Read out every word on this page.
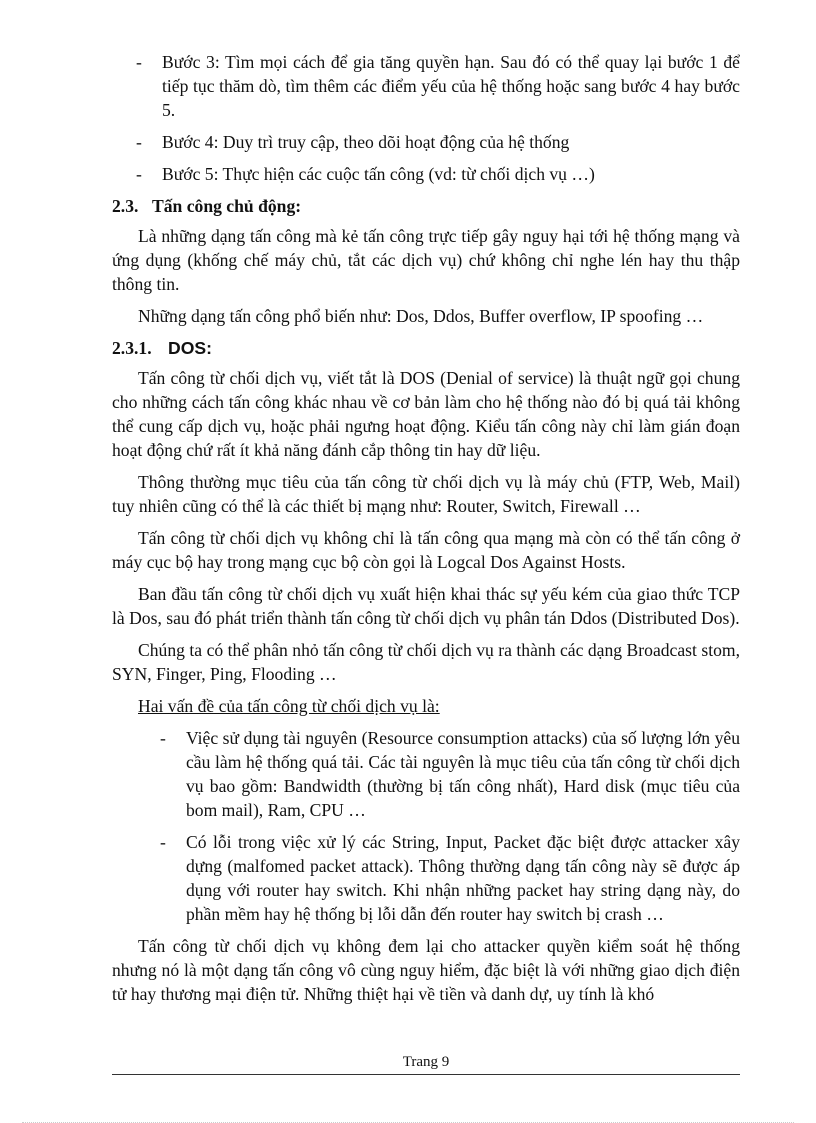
- Bước 3: Tìm mọi cách để gia tăng quyền hạn. Sau đó có thể quay lại bước 1 để tiếp tục thăm dò, tìm thêm các điểm yếu của hệ thống hoặc sang bước 4 hay bước 5.

- Bước 4: Duy trì truy cập, theo dõi hoạt động của hệ thống

- Bước 5: Thực hiện các cuộc tấn công (vd: từ chối dịch vụ …)

2.3. Tấn công chủ động:

Là những dạng tấn công mà kẻ tấn công trực tiếp gây nguy hại tới hệ thống mạng và ứng dụng (khống chế máy chủ, tắt các dịch vụ) chứ không chỉ nghe lén hay thu thập thông tin.

Những dạng tấn công phổ biến như: Dos, Ddos, Buffer overflow, IP spoofing …

2.3.1. DOS:

Tấn công từ chối dịch vụ, viết tắt là DOS (Denial of service) là thuật ngữ gọi chung cho những cách tấn công khác nhau về cơ bản làm cho hệ thống nào đó bị quá tải không thể cung cấp dịch vụ, hoặc phải ngưng hoạt động. Kiểu tấn công này chỉ làm gián đoạn hoạt động chứ rất ít khả năng đánh cắp thông tin hay dữ liệu.

Thông thường mục tiêu của tấn công từ chối dịch vụ là máy chủ (FTP, Web, Mail) tuy nhiên cũng có thể là các thiết bị mạng như: Router, Switch, Firewall …

Tấn công từ chối dịch vụ không chỉ là tấn công qua mạng mà còn có thể tấn công ở máy cục bộ hay trong mạng cục bộ còn gọi là Logcal Dos Against Hosts.

Ban đầu tấn công từ chối dịch vụ xuất hiện khai thác sự yếu kém của giao thức TCP là Dos, sau đó phát triển thành tấn công từ chối dịch vụ phân tán Ddos (Distributed Dos).

Chúng ta có thể phân nhỏ tấn công từ chối dịch vụ ra thành các dạng Broadcast stom, SYN, Finger, Ping, Flooding …

Hai vấn đề của tấn công từ chối dịch vụ là:

- Việc sử dụng tài nguyên (Resource consumption attacks) của số lượng lớn yêu cầu làm hệ thống quá tải. Các tài nguyên là mục tiêu của tấn công từ chối dịch vụ bao gồm: Bandwidth (thường bị tấn công nhất), Hard disk (mục tiêu của bom mail), Ram, CPU …

- Có lỗi trong việc xử lý các String, Input, Packet đặc biệt được attacker xây dựng (malfomed packet attack). Thông thường dạng tấn công này sẽ được áp dụng với router hay switch. Khi nhận những packet hay string dạng này, do phần mềm hay hệ thống bị lỗi dẫn đến router hay switch bị crash …

Tấn công từ chối dịch vụ không đem lại cho attacker quyền kiểm soát hệ thống nhưng nó là một dạng tấn công vô cùng nguy hiểm, đặc biệt là với những giao dịch điện tử hay thương mại điện tử. Những thiệt hại về tiền và danh dự, uy tính là khó

Trang 9
